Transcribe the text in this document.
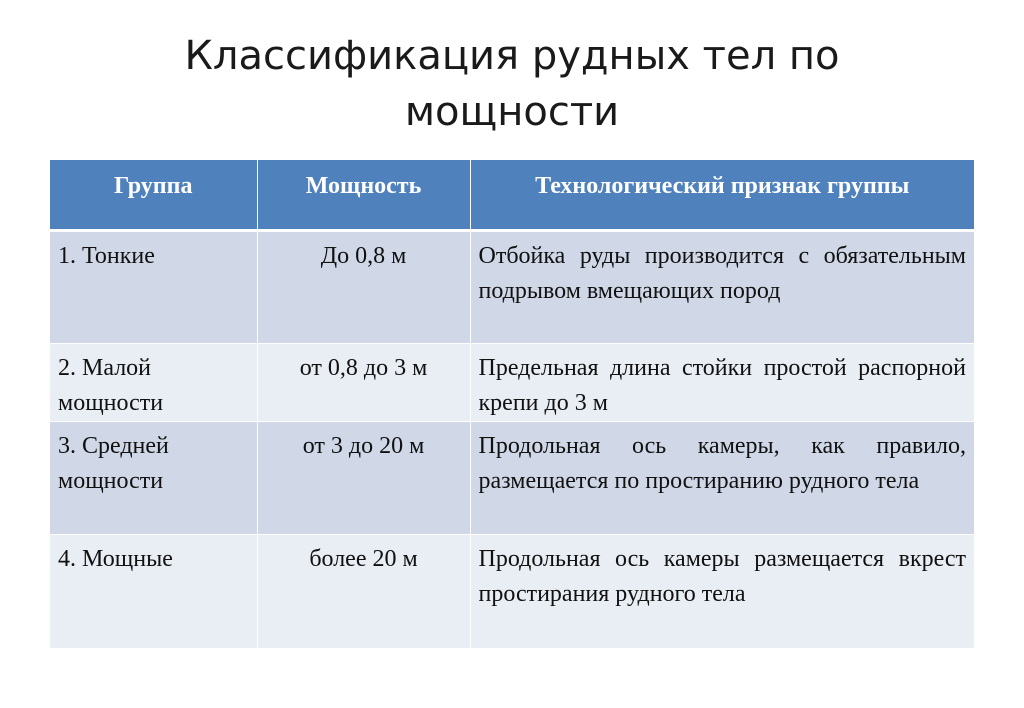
Классификация рудных тел по
мощности
Группа	Мощность	Технологический признак группы
1. Тонкие	До 0,8 м	Отбойка руды производится с обязательным подрывом вмещающих пород
2. Малой мощности	от 0,8 до 3 м	Предельная длина стойки простой распорной крепи до 3 м
3. Средней мощности	от 3 до 20 м	Продольная ось камеры, как правило, размещается по простиранию рудного тела
4. Мощные	более 20 м	Продольная ось камеры размещается вкрест простирания рудного тела
